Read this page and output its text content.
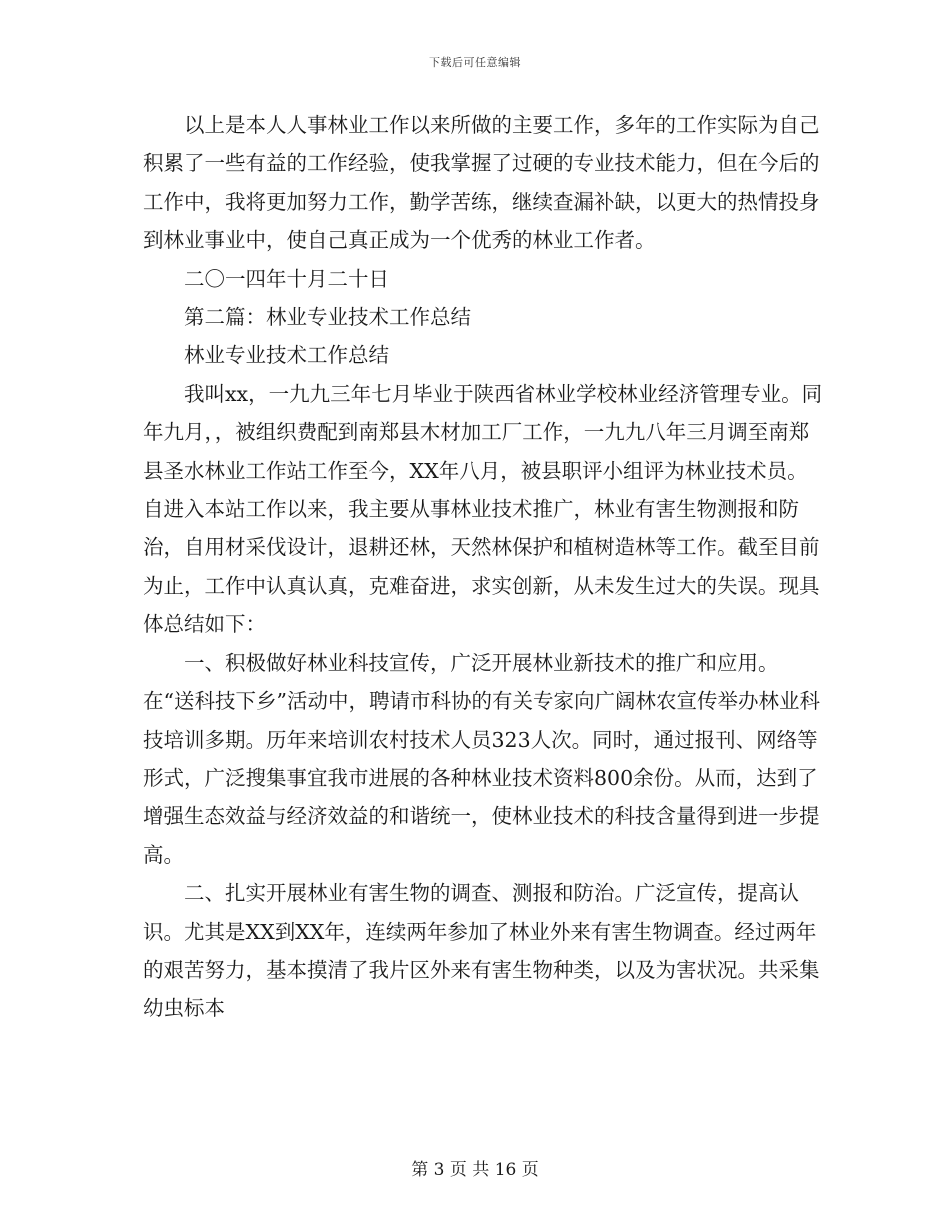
下载后可任意编辑

以上是本人人事林业工作以来所做的主要工作，多年的工作实际为自己积累了一些有益的工作经验，使我掌握了过硬的专业技术能力，但在今后的工作中，我将更加努力工作，勤学苦练，继续查漏补缺，以更大的热情投身到林业事业中，使自己真正成为一个优秀的林业工作者。

二〇一四年十月二十日

第二篇：林业专业技术工作总结

林业专业技术工作总结

我叫xx，一九九三年七月毕业于陕西省林业学校林业经济管理专业。同年九月，，被组织费配到南郑县木材加工厂工作，一九九八年三月调至南郑县圣水林业工作站工作至今，XX年八月，被县职评小组评为林业技术员。自进入本站工作以来，我主要从事林业技术推广，林业有害生物测报和防治，自用材采伐设计，退耕还林，天然林保护和植树造林等工作。截至目前为止，工作中认真认真，克难奋进，求实创新，从未发生过大的失误。现具体总结如下：

一、积极做好林业科技宣传，广泛开展林业新技术的推广和应用。在“送科技下乡”活动中，聘请市科协的有关专家向广阔林农宣传举办林业科技培训多期。历年来培训农村技术人员323人次。同时，通过报刊、网络等形式，广泛搜集事宜我市进展的各种林业技术资料800余份。从而，达到了增强生态效益与经济效益的和谐统一，使林业技术的科技含量得到进一步提高。

二、扎实开展林业有害生物的调查、测报和防治。广泛宣传，提高认识。尤其是XX到XX年，连续两年参加了林业外来有害生物调查。经过两年的艰苦努力，基本摸清了我片区外来有害生物种类，以及为害状况。共采集幼虫标本

第 3 页 共 16 页
